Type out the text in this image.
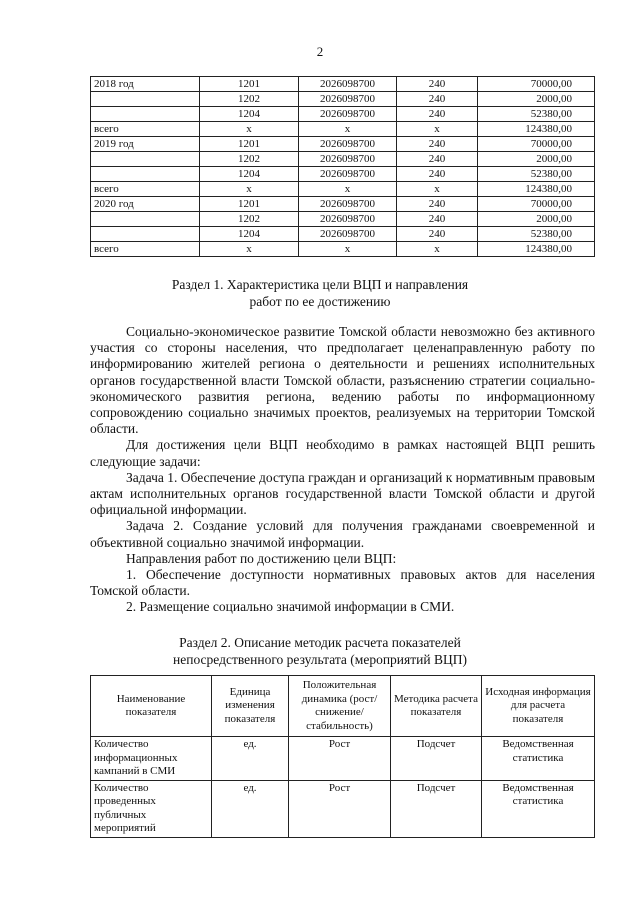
2
2018 год	1201	2026098700	240	70000,00
	1202	2026098700	240	2000,00
	1204	2026098700	240	52380,00
всего	x	x	x	124380,00
2019 год	1201	2026098700	240	70000,00
	1202	2026098700	240	2000,00
	1204	2026098700	240	52380,00
всего	x	x	x	124380,00
2020 год	1201	2026098700	240	70000,00
	1202	2026098700	240	2000,00
	1204	2026098700	240	52380,00
всего	x	x	x	124380,00
Раздел 1. Характеристика цели ВЦП и направления
работ по ее достижению

Социально-экономическое развитие Томской области невозможно без активного участия со стороны населения, что предполагает целенаправленную работу по информированию жителей региона о деятельности и решениях исполнительных органов государственной власти Томской области, разъяснению стратегии социально-экономического развития региона, ведению работы по информационному сопровождению социально значимых проектов, реализуемых на территории Томской области.

Для достижения цели ВЦП необходимо в рамках настоящей ВЦП решить следующие задачи:

Задача 1. Обеспечение доступа граждан и организаций к нормативным правовым актам исполнительных органов государственной власти Томской области и другой официальной информации.

Задача 2. Создание условий для получения гражданами своевременной и объективной социально значимой информации.

Направления работ по достижению цели ВЦП:

1. Обеспечение доступности нормативных правовых актов для населения Томской области.

2. Размещение социально значимой информации в СМИ.

Раздел 2. Описание методик расчета показателей
непосредственного результата (мероприятий ВЦП)
Наименование показателя	Единица изменения показателя	Положительная динамика (рост/снижение/ стабильность)	Методика расчета показателя	Исходная информация для расчета показателя
Количество информационных кампаний в СМИ	ед.	Рост	Подсчет	Ведомственная статистика
Количество проведенных публичных мероприятий	ед.	Рост	Подсчет	Ведомственная статистика
